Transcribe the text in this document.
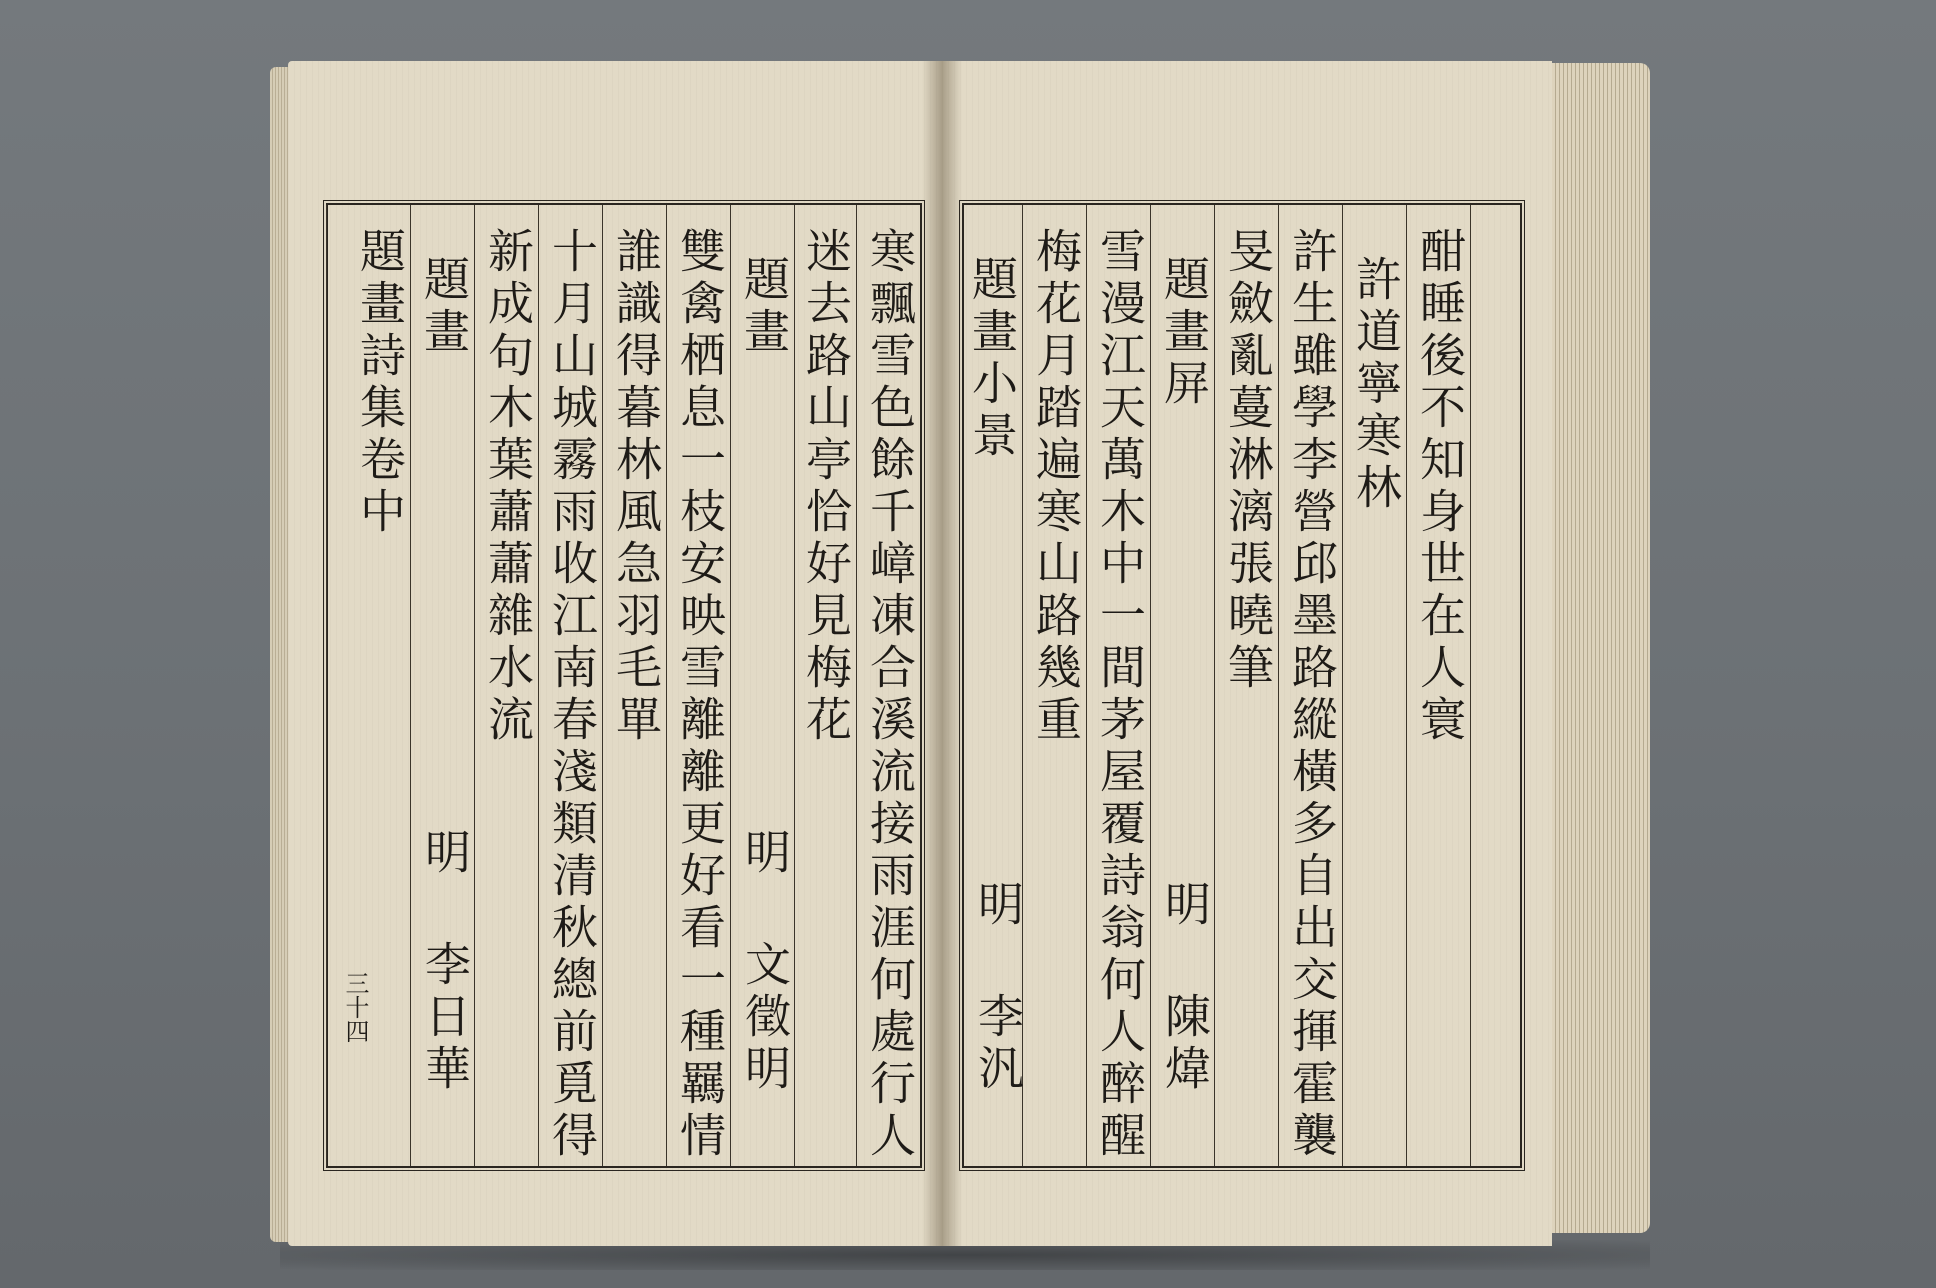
寒飄雪色餘千嶂凍合溪流接雨涯何處行人
迷去路山亭恰好見梅花
題畫
明 文徵明
雙禽栖息一枝安映雪離離更好看一種羈情
誰識得暮林風急羽毛單
十月山城霧雨收江南春淺類清秋總前覓得
新成句木葉蕭蕭雜水流
題畫
明 李日華
題畫詩集卷中
三十四
酣睡後不知身世在人寰
許道寧寒林
許生雖學李營邱墨路縱橫多自出交揮霍襲
旻斂亂蔓淋漓張曉筆
題畫屏
明 陳煒
雪漫江天萬木中一間茅屋覆詩翁何人醉醒
梅花月踏遍寒山路幾重
題畫小景
明 李汎
